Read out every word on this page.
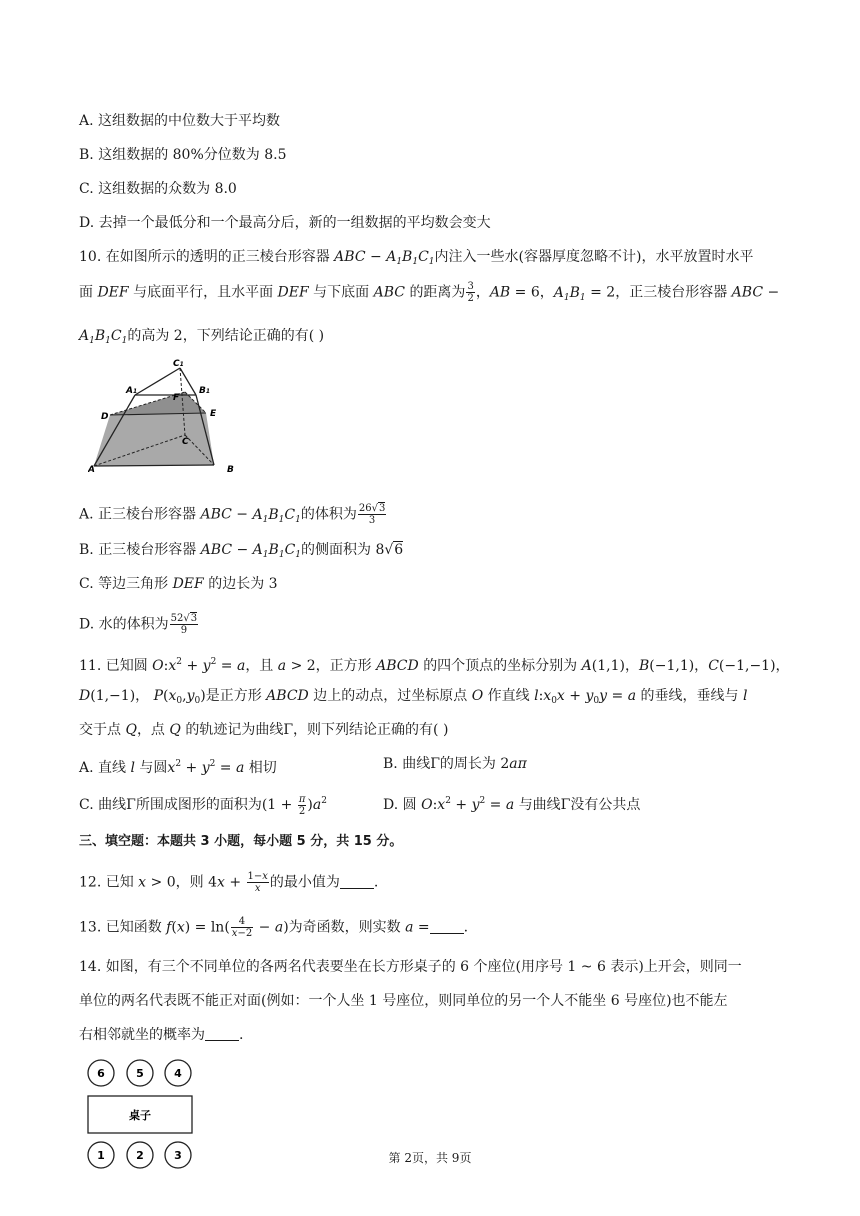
A. 这组数据的中位数大于平均数
B. 这组数据的 80%分位数为 8.5
C. 这组数据的众数为 8.0
D. 去掉一个最低分和一个最高分后，新的一组数据的平均数会变大
10. 在如图所示的透明的正三棱台形容器 ABC − $A_1B_1C_1$内注入一些水(容器厚度忽略不计)，水平放置时水平
面 DEF 与底面平行，且水平面 DEF 与下底面 ABC 的距离为 $\frac{3}{2}$ ，AB = 6，$A_1B_1 = 2$，正三棱台形容器 ABC −
$A_1B_1C_1$的高为 2，下列结论正确的有( )
C1
A1	B1
F
D	E
C
A	B
A. 正三棱台形容器 ABC − $A_1B_1C_1$的体积为 $\frac{26√3}{3}$
B. 正三棱台形容器 ABC − $A_1B_1C_1$的侧面积为 8√6
C. 等边三角形 DEF 的边长为 3
D. 水的体积为 $\frac{52√3}{9}$
11. 已知圆 $O:x^2 + y^2 = a$，且 a > 2，正方形 ABCD 的四个顶点的坐标分别为 A(1,1)，B(−1,1)，C(−1,−1)，
D(1,−1)， $P(x_0,y_0)$是正方形 ABCD 边上的动点，过坐标原点 O 作直线 $l:x_0x + y_0y = a$ 的垂线，垂线与 l
交于点 Q，点 Q 的轨迹记为曲线Γ，则下列结论正确的有( )
A. 直线 l 与圆$x^2 + y^2 = a$ 相切	B. 曲线Γ的周长为 2aπ
C. 曲线Γ所围成图形的面积为$(1 + \frac{\pi}{2} )a^2$	D. 圆 $O:x^2 + y^2 = a$ 与曲线Γ没有公共点
三、填空题：本题共 3 小题，每小题 5 分，共 15 分。
12. 已知 x > 0，则 $4x + \frac{1-x}{x}$ 的最小值为 .
13. 已知函数 $f(x) = \ln( \frac{4}{x-2} - a)$为奇函数，则实数 a = .
14. 如图，有三个不同单位的各两名代表要坐在长方形桌子的 6 个座位(用序号 1 ~ 6 表示)上开会，则同一
单位的两名代表既不能正对面(例如：一个人坐 1 号座位，则同单位的另一个人不能坐 6 号座位)也不能左
右相邻就坐的概率为 .
6	5	4
桌子
1	2	3	第 2页，共 9页
